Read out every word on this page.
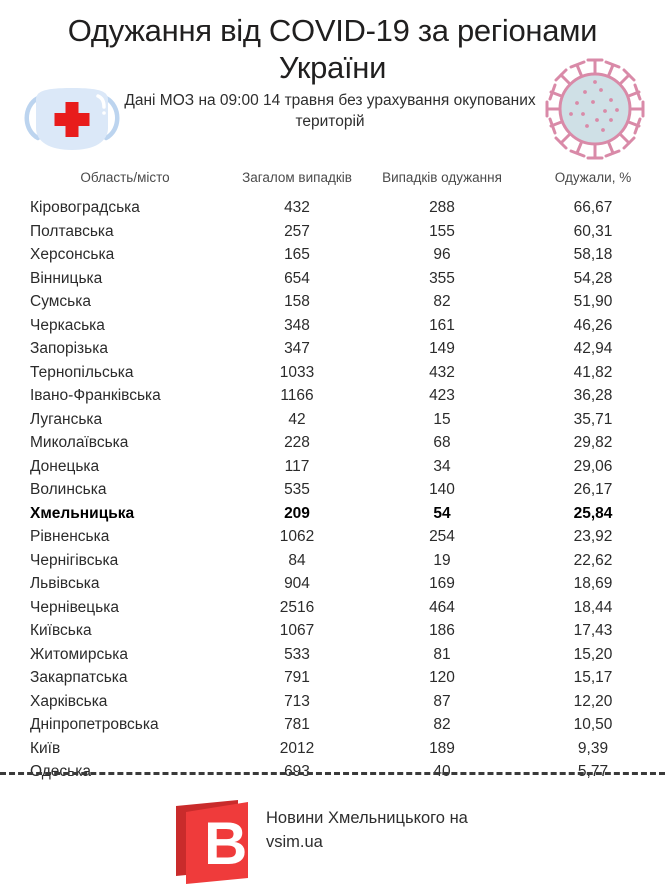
Одужання від COVID-19 за регіонами України
Дані МОЗ на 09:00 14 травня без урахування окупованих територій
Область/місто	Загалом випадків	Випадків одужання	Одужали, %
Кіровоградська	432	288	66,67
Полтавська	257	155	60,31
Херсонська	165	96	58,18
Вінницька	654	355	54,28
Сумська	158	82	51,90
Черкаська	348	161	46,26
Запорізька	347	149	42,94
Тернопільська	1033	432	41,82
Івано-Франківська	1166	423	36,28
Луганська	42	15	35,71
Миколаївська	228	68	29,82
Донецька	117	34	29,06
Волинська	535	140	26,17
Хмельницька	209	54	25,84
Рівненська	1062	254	23,92
Чернігівська	84	19	22,62
Львівська	904	169	18,69
Чернівецька	2516	464	18,44
Київська	1067	186	17,43
Житомирська	533	81	15,20
Закарпатська	791	120	15,17
Харківська	713	87	12,20
Дніпропетровська	781	82	10,50
Київ	2012	189	9,39
Одеська	693	40	5,77
B Новини Хмельницького на
vsim.ua
